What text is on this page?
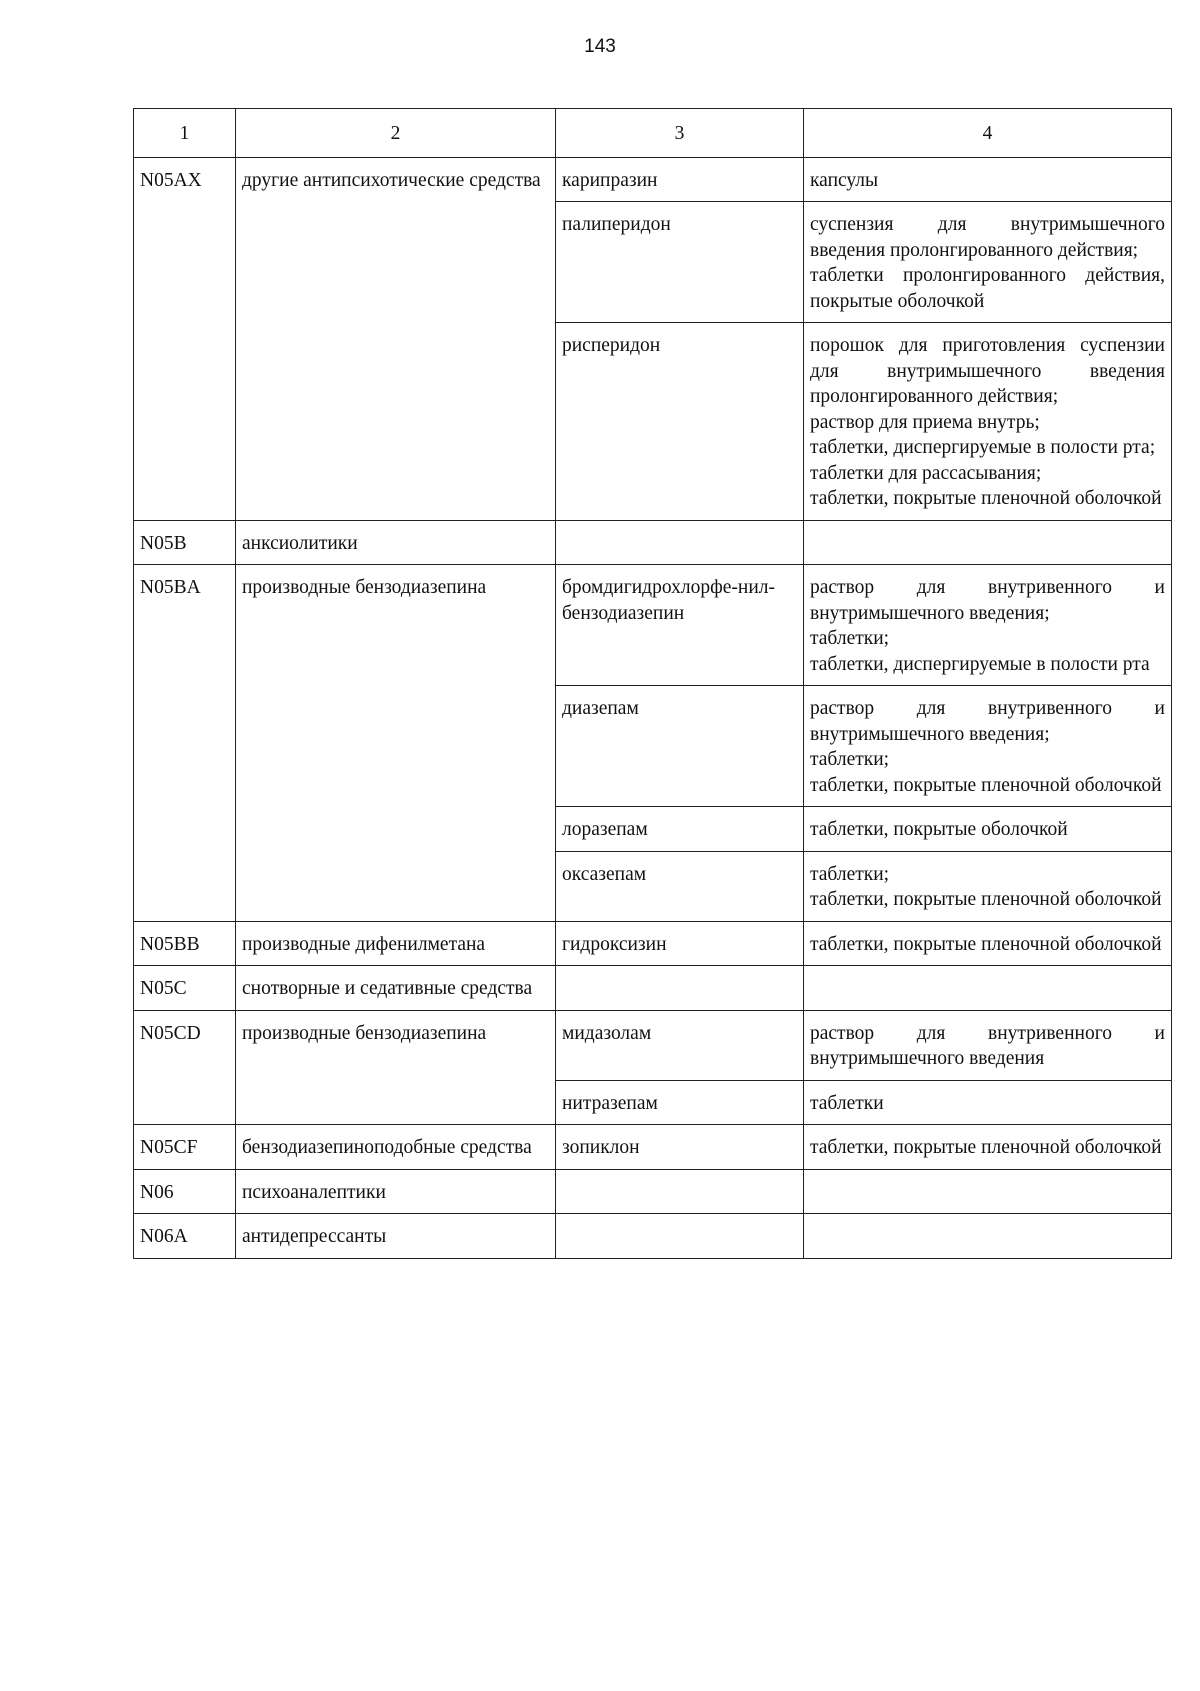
143
1	2	3	4
N05AX	другие антипсихотические средства	карипразин	капсулы

		палиперидон	суспензия для внутримышечного введения пролонгированного действия;
таблетки пролонгированного действия, покрытые оболочкой

		рисперидон	порошок для приготовления суспензии для внутримышечного введения пролонгированного действия;
раствор для приема внутрь;
таблетки, диспергируемые в полости рта;
таблетки для рассасывания;
таблетки, покрытые пленочной оболочкой

N05B	анксиолитики		
N05BA	производные бензодиазепина	бромдигидрохлорфе-нил-бензодиазепин	раствор для внутривенного и внутримышечного введения;
таблетки;
таблетки, диспергируемые в полости рта

		диазепам	раствор для внутривенного и внутримышечного введения;
таблетки;
таблетки, покрытые пленочной оболочкой

		лоразепам	таблетки, покрытые оболочкой

		оксазепам	таблетки;
таблетки, покрытые пленочной оболочкой

N05BB	производные дифенилметана	гидроксизин	таблетки, покрытые пленочной оболочкой

N05C	снотворные и седативные средства		
N05CD	производные бензодиазепина	мидазолам	раствор для внутривенного и внутримышечного введения

		нитразепам	таблетки

N05CF	бензодиазепиноподобные средства	зопиклон	таблетки, покрытые пленочной оболочкой

N06	психоаналептики		
N06A	антидепрессанты		
